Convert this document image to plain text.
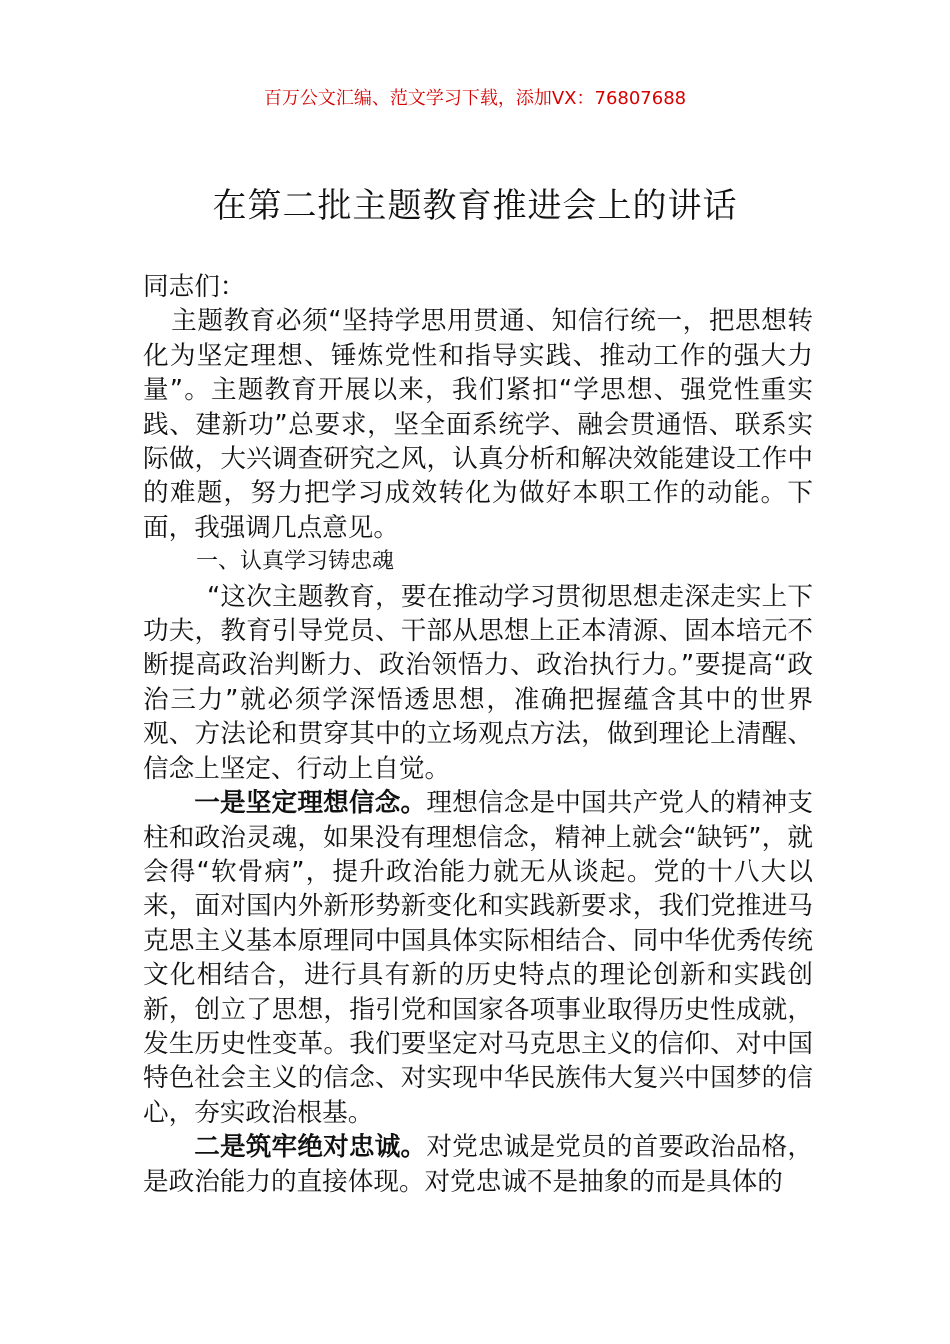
百万公文汇编、范文学习下载，添加VX：76807688
在第二批主题教育推进会上的讲话

同志们：

主题教育必须“坚持学思用贯通、知信行统一，把思想转化为坚定理想、锤炼党性和指导实践、推动工作的强大力量”。主题教育开展以来，我们紧扣“学思想、强党性重实践、建新功”总要求，坚全面系统学、融会贯通悟、联系实际做，大兴调查研究之风，认真分析和解决效能建设工作中的难题，努力把学习成效转化为做好本职工作的动能。下面，我强调几点意见。

一、认真学习铸忠魂

“这次主题教育，要在推动学习贯彻思想走深走实上下功夫，教育引导党员、干部从思想上正本清源、固本培元不断提高政治判断力、政治领悟力、政治执行力。”要提高“政治三力”就必须学深悟透思想，准确把握蕴含其中的世界观、方法论和贯穿其中的立场观点方法，做到理论上清醒、信念上坚定、行动上自觉。

一是坚定理想信念。理想信念是中国共产党人的精神支柱和政治灵魂，如果没有理想信念，精神上就会“缺钙”，就会得“软骨病”，提升政治能力就无从谈起。党的十八大以来，面对国内外新形势新变化和实践新要求，我们党推进马克思主义基本原理同中国具体实际相结合、同中华优秀传统文化相结合，进行具有新的历史特点的理论创新和实践创新，创立了思想，指引党和国家各项事业取得历史性成就，发生历史性变革。我们要坚定对马克思主义的信仰、对中国特色社会主义的信念、对实现中华民族伟大复兴中国梦的信心，夯实政治根基。

二是筑牢绝对忠诚。对党忠诚是党员的首要政治品格，是政治能力的直接体现。对党忠诚不是抽象的而是具体的
